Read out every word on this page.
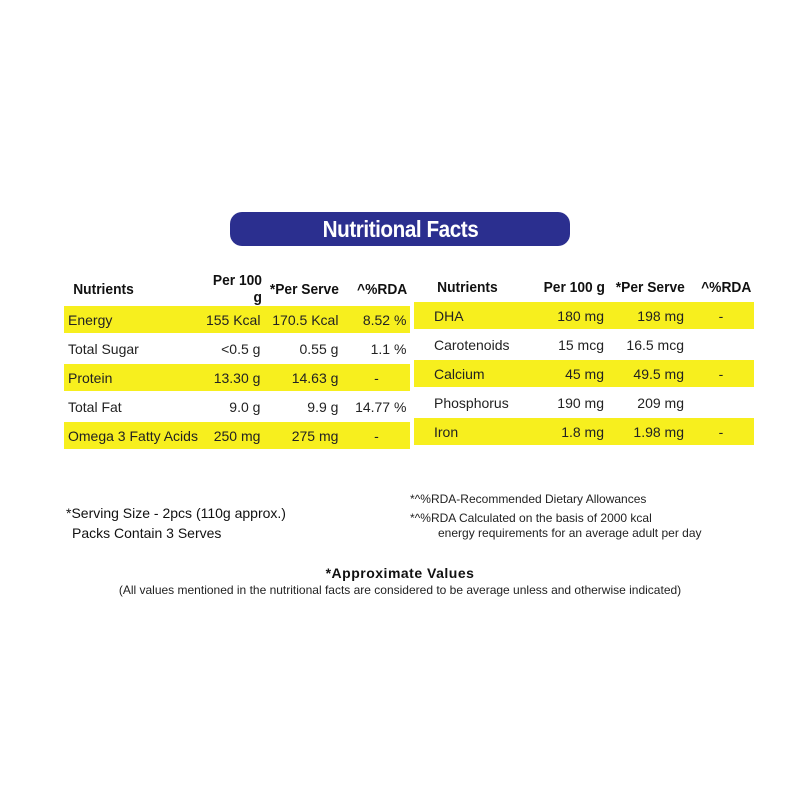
Nutritional Facts
Nutrients	Per 100 g	*Per Serve	^%RDA
Energy	155 Kcal	170.5 Kcal	8.52 %

Total Sugar	<0.5 g	0.55 g	1.1 %

Protein	13.30 g	14.63 g	-

Total Fat	9.0 g	9.9 g	14.77 %

Omega 3 Fatty Acids	250 mg	275 mg	-
Nutrients	Per 100 g	*Per Serve	^%RDA
DHA	180 mg	198 mg	-

Carotenoids	15 mcg	16.5 mcg	

Calcium	45 mg	49.5 mg	-

Phosphorus	190 mg	209 mg	

Iron	1.8 mg	1.98 mg	-
*Serving Size - 2pcs (110g approx.)
Packs Contain 3 Serves
*^%RDA-Recommended Dietary Allowances
*^%RDA Calculated on the basis of 2000 kcal
energy requirements for an average adult per day
*Approximate Values
(All values mentioned in the nutritional facts are considered to be average unless and otherwise indicated)
